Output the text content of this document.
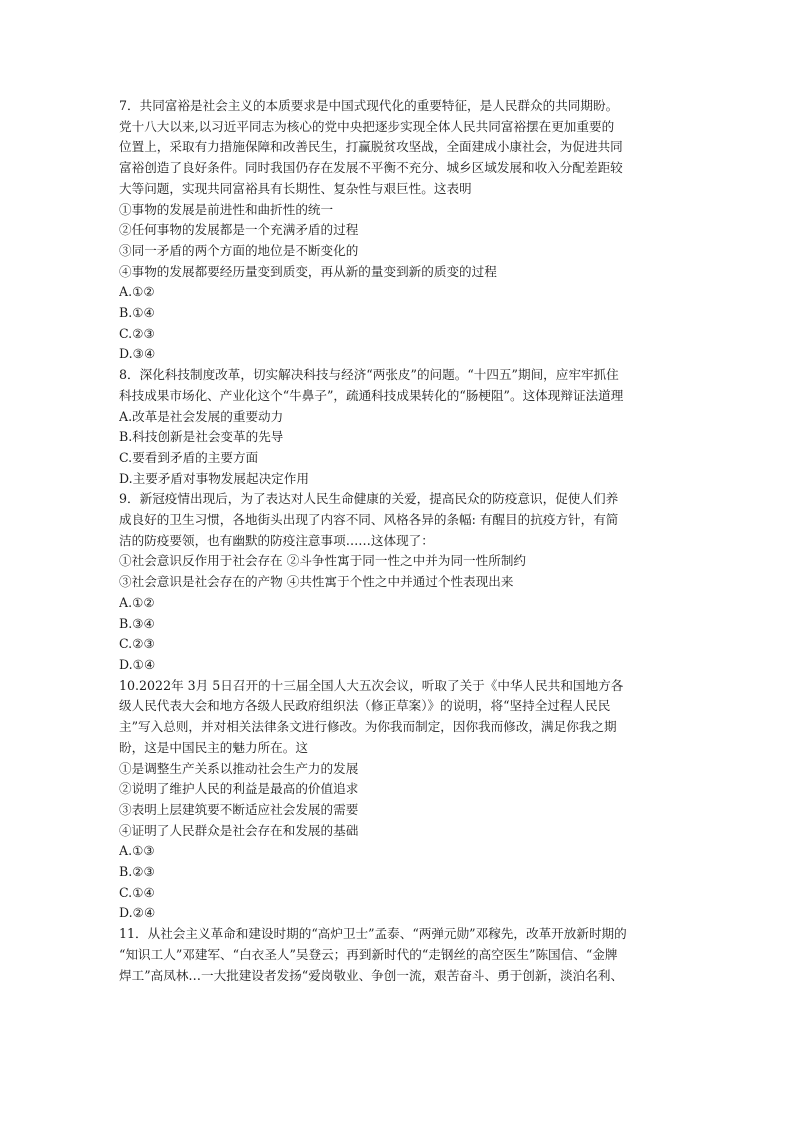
7．共同富裕是社会主义的本质要求是中国式现代化的重要特征，是人民群众的共同期盼。
党十八大以来,以习近平同志为核心的党中央把逐步实现全体人民共同富裕摆在更加重要的
位置上，采取有力措施保障和改善民生，打赢脱贫攻坚战，全面建成小康社会，为促进共同
富裕创造了良好条件。同时我国仍存在发展不平衡不充分、城乡区域发展和收入分配差距较
大等问题，实现共同富裕具有长期性、复杂性与艰巨性。这表明
①事物的发展是前进性和曲折性的统一
②任何事物的发展都是一个充满矛盾的过程
③同一矛盾的两个方面的地位是不断变化的
④事物的发展都要经历量变到质变，再从新的量变到新的质变的过程
A.①②
B.①④
C.②③
D.③④
8．深化科技制度改革，切实解决科技与经济“两张皮”的问题。“十四五”期间，应牢牢抓住
科技成果市场化、产业化这个“牛鼻子”，疏通科技成果转化的“肠梗阻”。这体现辩证法道理
A.改革是社会发展的重要动力
B.科技创新是社会变革的先导
C.要看到矛盾的主要方面
D.主要矛盾对事物发展起决定作用
9．新冠疫情出现后，为了表达对人民生命健康的关爱，提高民众的防疫意识，促使人们养
成良好的卫生习惯，各地街头出现了内容不同、风格各异的条幅: 有醒目的抗疫方针，有简
洁的防疫要领，也有幽默的防疫注意事项……这体现了：
①社会意识反作用于社会存在 ②斗争性寓于同一性之中并为同一性所制约
③社会意识是社会存在的产物 ④共性寓于个性之中并通过个性表现出来
A.①②
B.③④
C.②③
D.①④
10.2022年 3月 5日召开的十三届全国人大五次会议，听取了关于《中华人民共和国地方各
级人民代表大会和地方各级人民政府组织法（修正草案）》的说明，将“坚持全过程人民民
主”写入总则，并对相关法律条文进行修改。为你我而制定，因你我而修改，满足你我之期
盼，这是中国民主的魅力所在。这
①是调整生产关系以推动社会生产力的发展
②说明了维护人民的利益是最高的价值追求
③表明上层建筑要不断适应社会发展的需要
④证明了人民群众是社会存在和发展的基础
A.①③
B.②③
C.①④
D.②④
11．从社会主义革命和建设时期的“高炉卫士”孟泰、“两弹元勋”邓稼先，改革开放新时期的
“知识工人”邓建军、“白衣圣人”吴登云；再到新时代的“走钢丝的高空医生”陈国信、“金牌
焊工”高凤林…一大批建设者发扬“爱岗敬业、争创一流，艰苦奋斗、勇于创新，淡泊名利、
